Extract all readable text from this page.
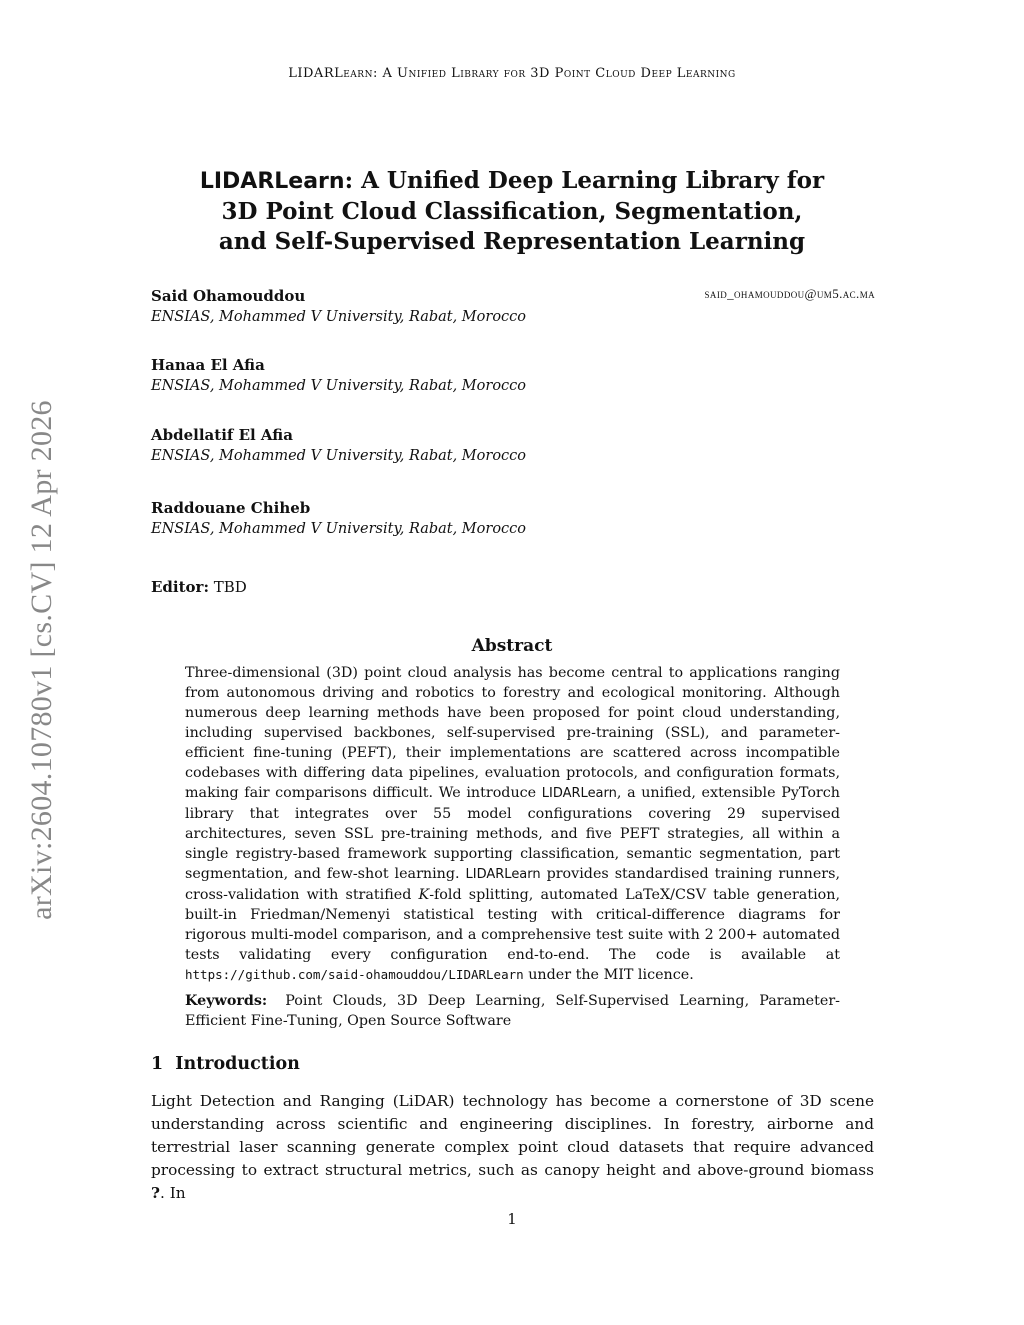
LIDARLearn: A Unified Library for 3D Point Cloud Deep Learning
arXiv:2604.10780v1 [cs.CV] 12 Apr 2026
LIDARLearn: A Unified Deep Learning Library for
3D Point Cloud Classification, Segmentation,
and Self-Supervised Representation Learning
Said Ohamouddou
ENSIAS, Mohammed V University, Rabat, Morocco
said_ohamouddou@um5.ac.ma
Hanaa El Afia
ENSIAS, Mohammed V University, Rabat, Morocco
Abdellatif El Afia
ENSIAS, Mohammed V University, Rabat, Morocco
Raddouane Chiheb
ENSIAS, Mohammed V University, Rabat, Morocco
Editor: TBD
Abstract
Three-dimensional (3D) point cloud analysis has become central to applications ranging from autonomous driving and robotics to forestry and ecological monitoring. Although numerous deep learning methods have been proposed for point cloud understanding, including supervised backbones, self-supervised pre-training (SSL), and parameter-efficient fine-tuning (PEFT), their implementations are scattered across incompatible codebases with differing data pipelines, evaluation protocols, and configuration formats, making fair comparisons difficult. We introduce LIDARLearn, a unified, extensible PyTorch library that integrates over 55 model configurations covering 29 supervised architectures, seven SSL pre-training methods, and five PEFT strategies, all within a single registry-based framework supporting classification, semantic segmentation, part segmentation, and few-shot learning. LIDARLearn provides standardised training runners, cross-validation with stratified K-fold splitting, automated LaTeX/CSV table generation, built-in Friedman/Nemenyi statistical testing with critical-difference diagrams for rigorous multi-model comparison, and a comprehensive test suite with 2 200+ automated tests validating every configuration end-to-end. The code is available at https://github.com/said-ohamouddou/LIDARLearn under the MIT licence.
Keywords: Point Clouds, 3D Deep Learning, Self-Supervised Learning, Parameter-Efficient Fine-Tuning, Open Source Software
1 Introduction
Light Detection and Ranging (LiDAR) technology has become a cornerstone of 3D scene understanding across scientific and engineering disciplines. In forestry, airborne and terrestrial laser scanning generate complex point cloud datasets that require advanced processing to extract structural metrics, such as canopy height and above-ground biomass ?. In
1
